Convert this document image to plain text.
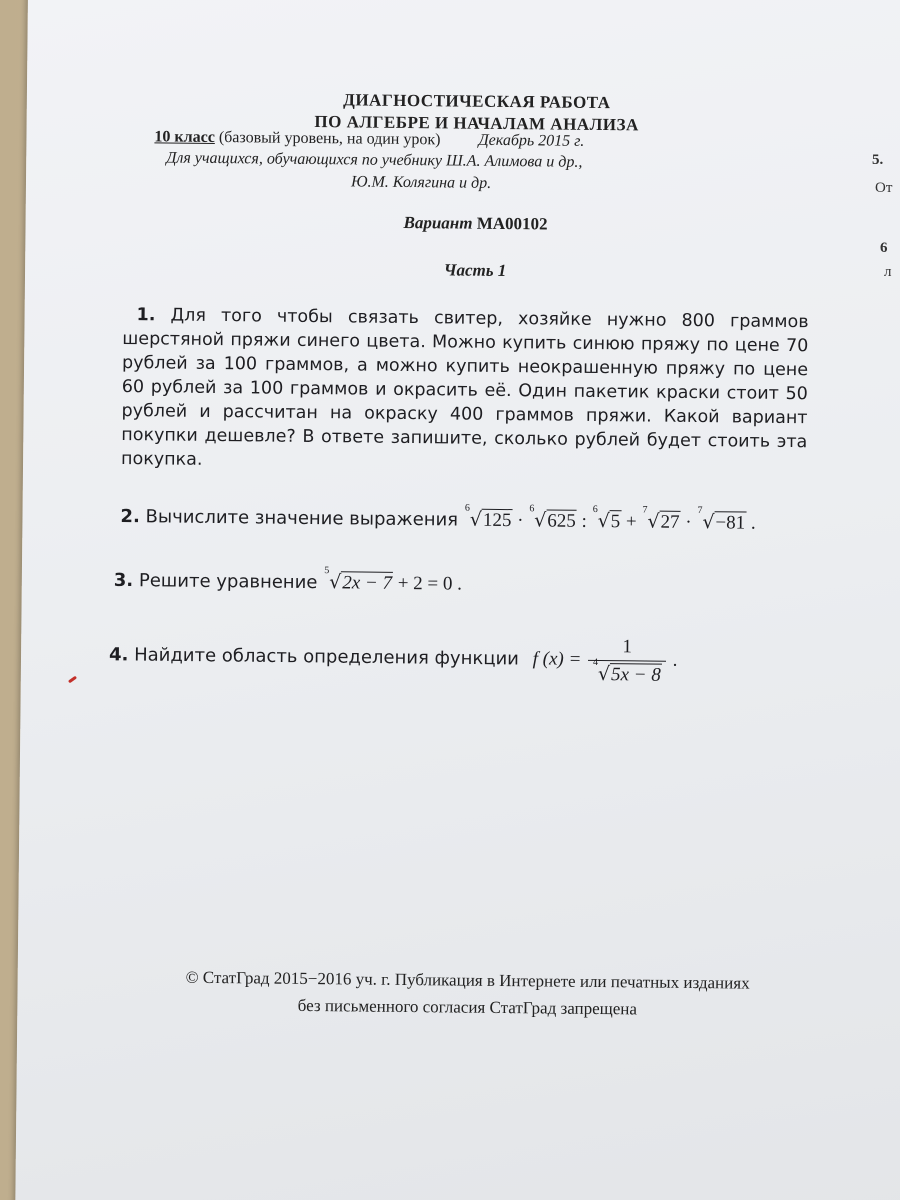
ДИАГНОСТИЧЕСКАЯ РАБОТА
ПО АЛГЕБРЕ И НАЧАЛАМ АНАЛИЗА
10 класс (базовый уровень, на один урок) Декабрь 2015 г.
Для учащихся, обучающихся по учебнику Ш.А. Алимова и др.,
Ю.М. Колягина и др.
Вариант МА00102
Часть 1
1. Для того чтобы связать свитер, хозяйке нужно 800 граммов шерстяной пряжи синего цвета. Можно купить синюю пряжу по цене 70 рублей за 100 граммов, а можно купить неокрашенную пряжу по цене 60 рублей за 100 граммов и окрасить её. Один пакетик краски стоит 50 рублей и рассчитан на окраску 400 граммов пряжи. Какой вариант покупки дешевле? В ответе запишите, сколько рублей будет стоить эта покупка.
2. Вычислите значение выражения 6
√125 ·
6
√625 :
6
√5 +
7
√27 ·
7
√−81 .
3. Решите уравнение 5
√2x − 7 + 2 = 0 .
4. Найдите область определения функции f (x) = 1
4
√5x − 8 .
© СтатГрад 2015−2016 уч. г. Публикация в Интернете или печатных изданиях
без письменного согласия СтатГрад запрещена
5.
От
6
л
